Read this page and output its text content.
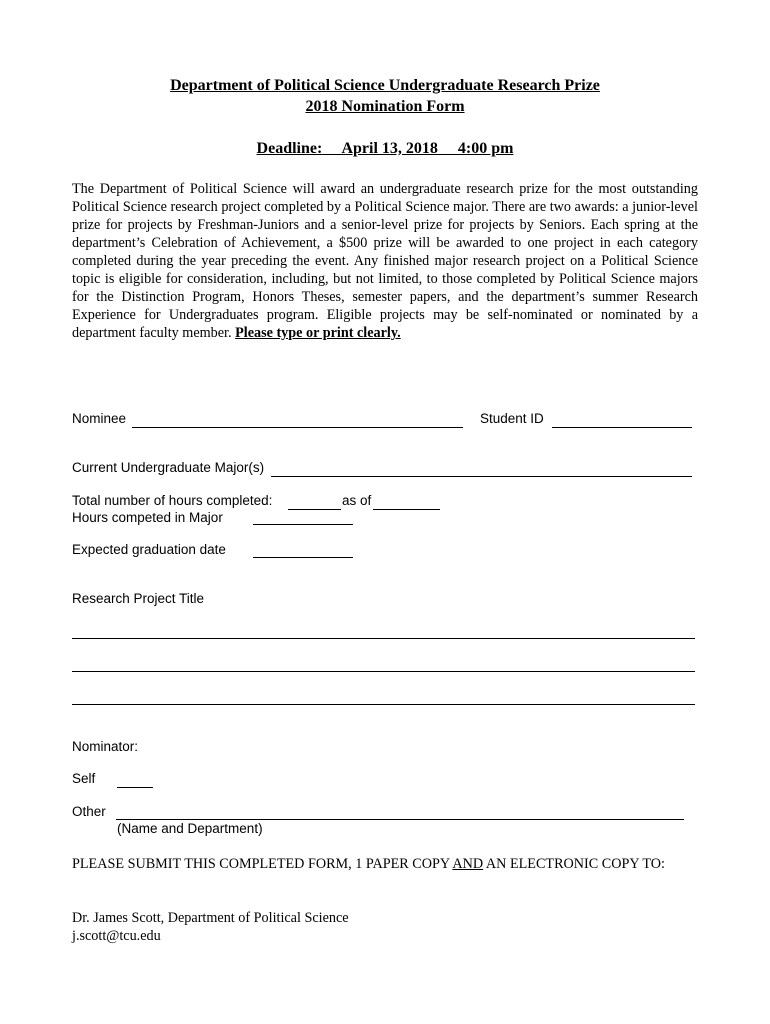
Department of Political Science Undergraduate Research Prize
2018 Nomination Form
Deadline: April 13, 2018 4:00 pm
The Department of Political Science will award an undergraduate research prize for the most outstanding Political Science research project completed by a Political Science major. There are two awards: a junior-level prize for projects by Freshman-Juniors and a senior-level prize for projects by Seniors. Each spring at the department’s Celebration of Achievement, a $500 prize will be awarded to one project in each category completed during the year preceding the event. Any finished major research project on a Political Science topic is eligible for consideration, including, but not limited, to those completed by Political Science majors for the Distinction Program, Honors Theses, semester papers, and the department’s summer Research Experience for Undergraduates program. Eligible projects may be self-nominated or nominated by a department faculty member. Please type or print clearly.
Nominee	Student ID
Current Undergraduate Major(s)
Total number of hours completed:	as of
Hours competed in Major
Expected graduation date
Research Project Title
Nominator:
Self
Other
(Name and Department)
PLEASE SUBMIT THIS COMPLETED FORM, 1 PAPER COPY AND AN ELECTRONIC COPY TO:
Dr. James Scott, Department of Political Science
j.scott@tcu.edu
